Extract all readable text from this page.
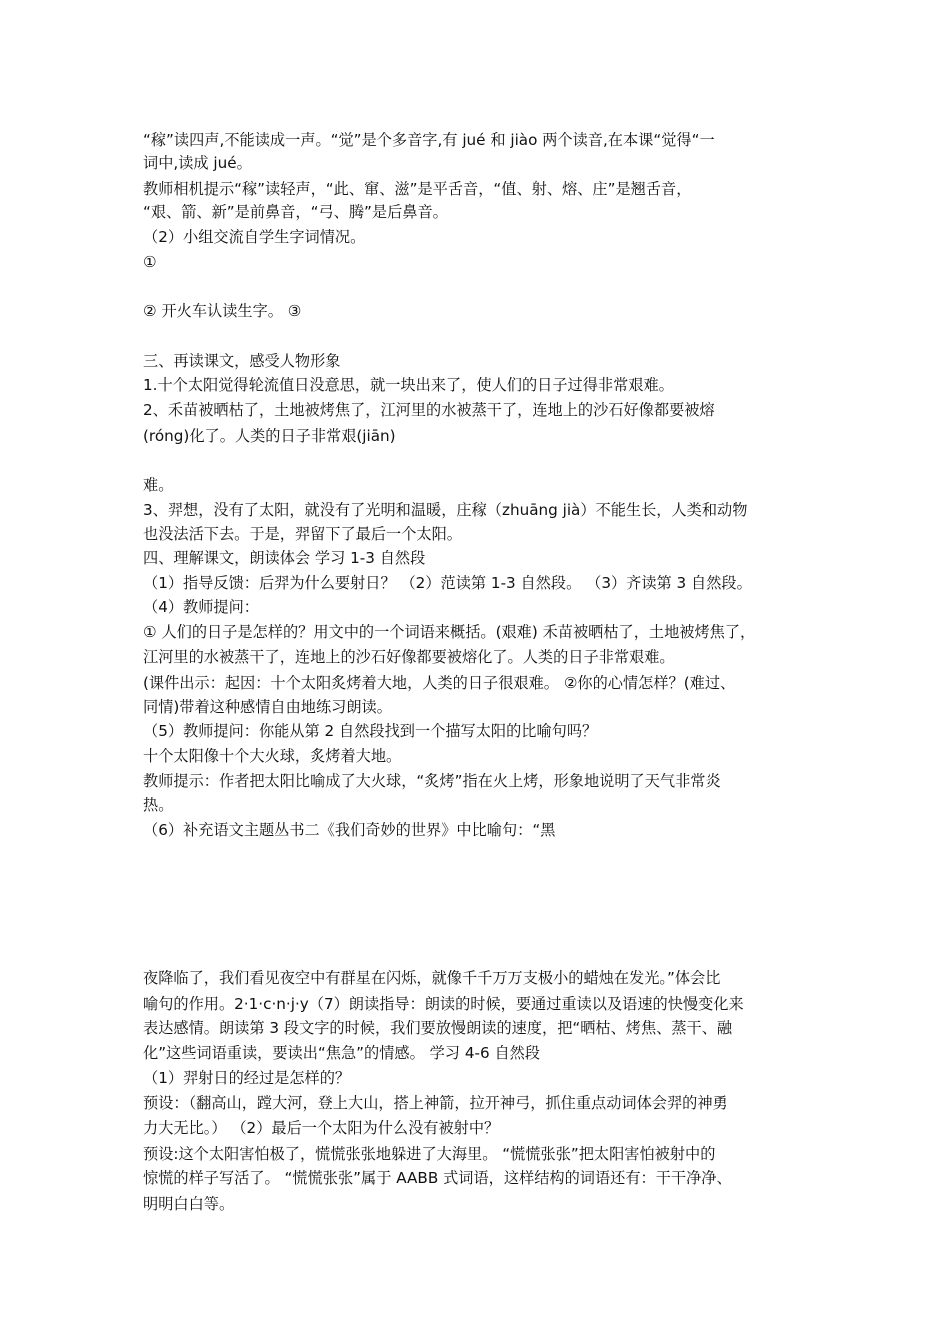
“稼”读四声,不能读成一声。“觉”是个多音字,有 jué 和 jiào 两个读音,在本课“觉得“一
词中,读成 jué。
教师相机提示“稼”读轻声，“此、窜、滋”是平舌音，“值、射、熔、庄”是翘舌音，
“艰、箭、新”是前鼻音，“弓、腾”是后鼻音。
（2）小组交流自学生字词情况。
①
② 开火车认读生字。 ③
三、再读课文，感受人物形象
1.十个太阳觉得轮流值日没意思，就一块出来了，使人们的日子过得非常艰难。
2、禾苗被晒枯了，土地被烤焦了，江河里的水被蒸干了，连地上的沙石好像都要被熔
(róng)化了。人类的日子非常艰(jiān)
难。
3、羿想，没有了太阳，就没有了光明和温暖，庄稼（zhuāng jià）不能生长，人类和动物
也没法活下去。于是，羿留下了最后一个太阳。
四、理解课文，朗读体会 学习 1-3 自然段
（1）指导反馈：后羿为什么要射日？ （2）范读第 1-3 自然段。 （3）齐读第 3 自然段。
（4）教师提问：
① 人们的日子是怎样的？用文中的一个词语来概括。(艰难) 禾苗被晒枯了，土地被烤焦了，
江河里的水被蒸干了，连地上的沙石好像都要被熔化了。人类的日子非常艰难。
(课件出示：起因：十个太阳炙烤着大地，人类的日子很艰难。 ②你的心情怎样？(难过、
同情)带着这种感情自由地练习朗读。
（5）教师提问：你能从第 2 自然段找到一个描写太阳的比喻句吗？
十个太阳像十个大火球，炙烤着大地。
教师提示：作者把太阳比喻成了大火球，“炙烤”指在火上烤，形象地说明了天气非常炎
热。
（6）补充语文主题丛书二《我们奇妙的世界》中比喻句：“黑
夜降临了，我们看见夜空中有群星在闪烁，就像千千万万支极小的蜡烛在发光。”体会比
喻句的作用。2·1·c·n·j·y（7）朗读指导：朗读的时候，要通过重读以及语速的快慢变化来
表达感情。朗读第 3 段文字的时候，我们要放慢朗读的速度，把“晒枯、烤焦、蒸干、融
化”这些词语重读，要读出“焦急”的情感。 学习 4-6 自然段
（1）羿射日的经过是怎样的？
预设：（翻高山，蹚大河，登上大山，搭上神箭，拉开神弓，抓住重点动词体会羿的神勇
力大无比。） （2）最后一个太阳为什么没有被射中？
预设:这个太阳害怕极了，慌慌张张地躲进了大海里。 “慌慌张张”把太阳害怕被射中的
惊慌的样子写活了。 “慌慌张张”属于 AABB 式词语，这样结构的词语还有：干干净净、
明明白白等。
